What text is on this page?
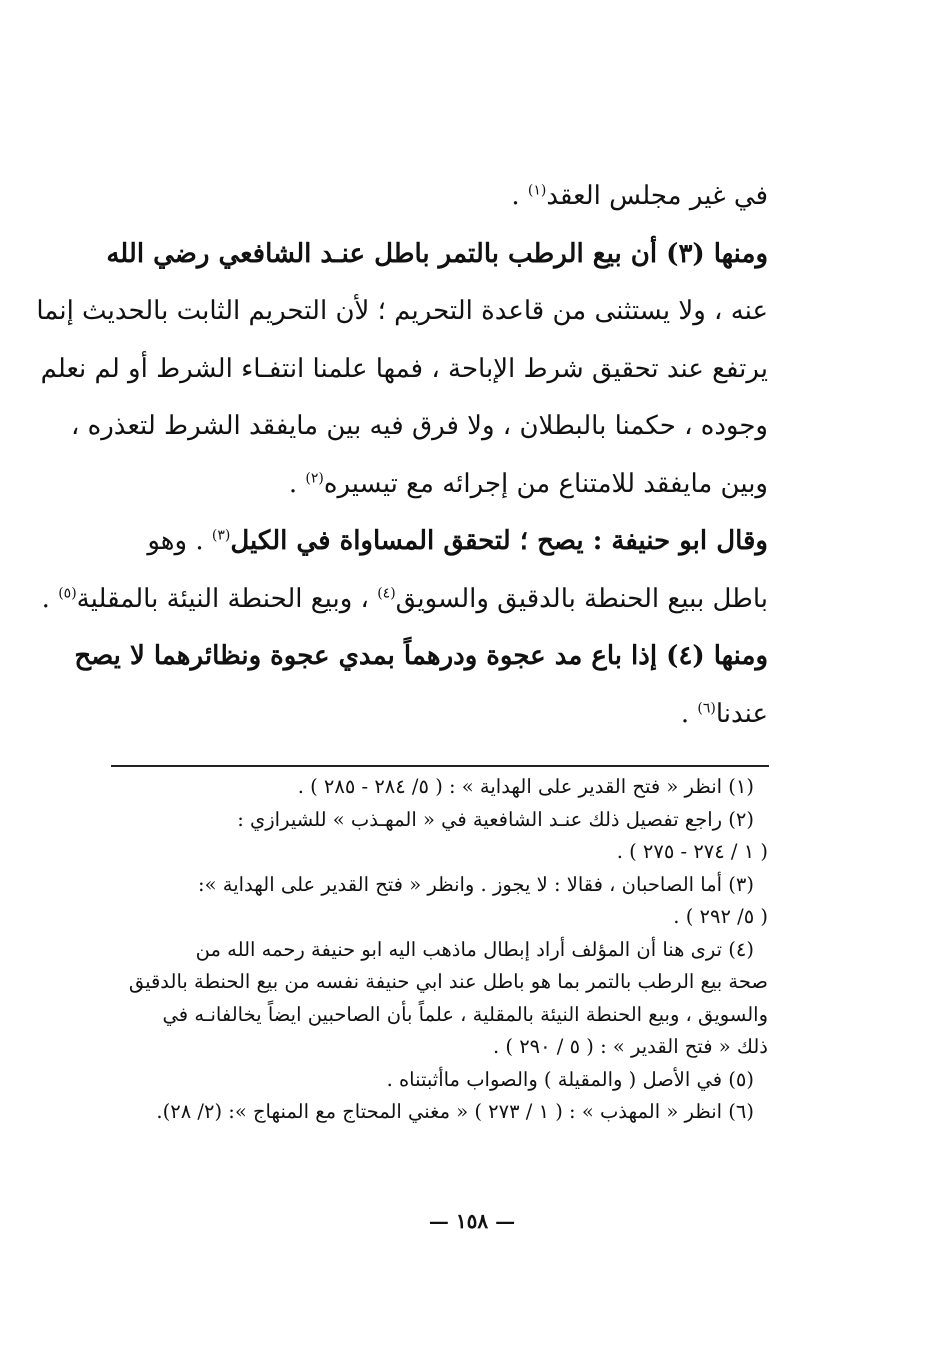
في غير مجلس العقد$^{(١)}$ .
ومنها (٣) أن بيع الرطب بالتمر باطل عنـد الشافعي رضي الله
عنه ، ولا يستثنى من قاعدة التحريم ؛ لأن التحريم الثابت بالحديث إنما
يرتفع عند تحقيق شرط الإباحة ، فمها علمنا انتفـاء الشرط أو لم نعلم
وجوده ، حكمنا بالبطلان ، ولا فرق فيه بين مايفقد الشرط لتعذره ،
وبين مايفقد للامتناع من إجرائه مع تيسيره$^{(٢)}$ .
وقال ابو حنيفة : يصح ؛ لتحقق المساواة في الكيل$^{(٣)}$ . وهو
باطل ببيع الحنطة بالدقيق والسويق$^{(٤)}$ ، وبيع الحنطة النيئة بالمقلية$^{(٥)}$ .
ومنها (٤) إذا باع مد عجوة ودرهماً بمدي عجوة ونظائرهما لا يصح
عندنا$^{(٦)}$ .

(١) انظر « فتح القدير على الهداية » : ( ٥/ ٢٨٤ - ٢٨٥ ) .

(٢) راجع تفصيل ذلك عنـد الشافعية في « المهـذب » للشيرازي :
( ١ / ٢٧٤ - ٢٧٥ ) .

(٣) أما الصاحبان ، فقالا : لا يجوز . وانظر « فتح القدير على الهداية »:
( ٥/ ٢٩٢ ) .

(٤) ترى هنا أن المؤلف أراد إبطال ماذهب اليه ابو حنيفة رحمه الله من
صحة بيع الرطب بالتمر بما هو باطل عند ابي حنيفة نفسه من بيع الحنطة بالدقيق
والسويق ، وبيع الحنطة النيئة بالمقلية ، علماً بأن الصاحبين ايضاً يخالفانـه في
ذلك « فتح القدير » : ( ٥ / ٢٩٠ ) .

(٥) في الأصل ( والمقيلة ) والصواب ماأثبتناه .

(٦) انظر « المهذب » : ( ١ / ٢٧٣ ) « مغني المحتاج مع المنهاج »: (٢/ ٢٨).

— ١٥٨ —
